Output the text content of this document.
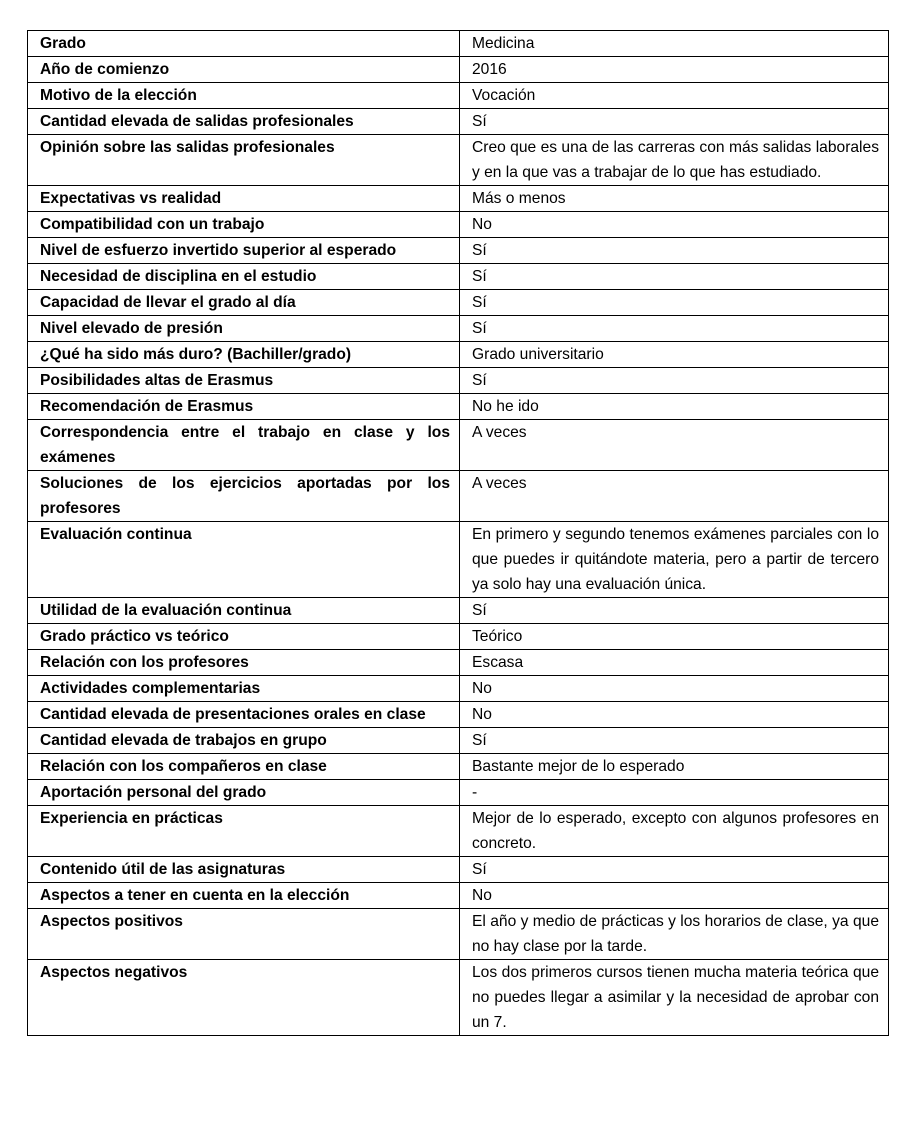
Grado	Medicina
Año de comienzo	2016
Motivo de la elección	Vocación
Cantidad elevada de salidas profesionales	Sí
Opinión sobre las salidas profesionales	Creo que es una de las carreras con más salidas laborales y en la que vas a trabajar de lo que has estudiado.
Expectativas vs realidad	Más o menos
Compatibilidad con un trabajo	No
Nivel de esfuerzo invertido superior al esperado	Sí
Necesidad de disciplina en el estudio	Sí
Capacidad de llevar el grado al día	Sí
Nivel elevado de presión	Sí
¿Qué ha sido más duro? (Bachiller/grado)	Grado universitario
Posibilidades altas de Erasmus	Sí
Recomendación de Erasmus	No he ido
Correspondencia entre el trabajo en clase y los exámenes	A veces
Soluciones de los ejercicios aportadas por los profesores	A veces
Evaluación continua	En primero y segundo tenemos exámenes parciales con lo que puedes ir quitándote materia, pero a partir de tercero ya solo hay una evaluación única.
Utilidad de la evaluación continua	Sí
Grado práctico vs teórico	Teórico
Relación con los profesores	Escasa
Actividades complementarias	No
Cantidad elevada de presentaciones orales en clase	No
Cantidad elevada de trabajos en grupo	Sí
Relación con los compañeros en clase	Bastante mejor de lo esperado
Aportación personal del grado	-
Experiencia en prácticas	Mejor de lo esperado, excepto con algunos profesores en concreto.
Contenido útil de las asignaturas	Sí
Aspectos a tener en cuenta en la elección	No
Aspectos positivos	El año y medio de prácticas y los horarios de clase, ya que no hay clase por la tarde.
Aspectos negativos	Los dos primeros cursos tienen mucha materia teórica que no puedes llegar a asimilar y la necesidad de aprobar con un 7.
